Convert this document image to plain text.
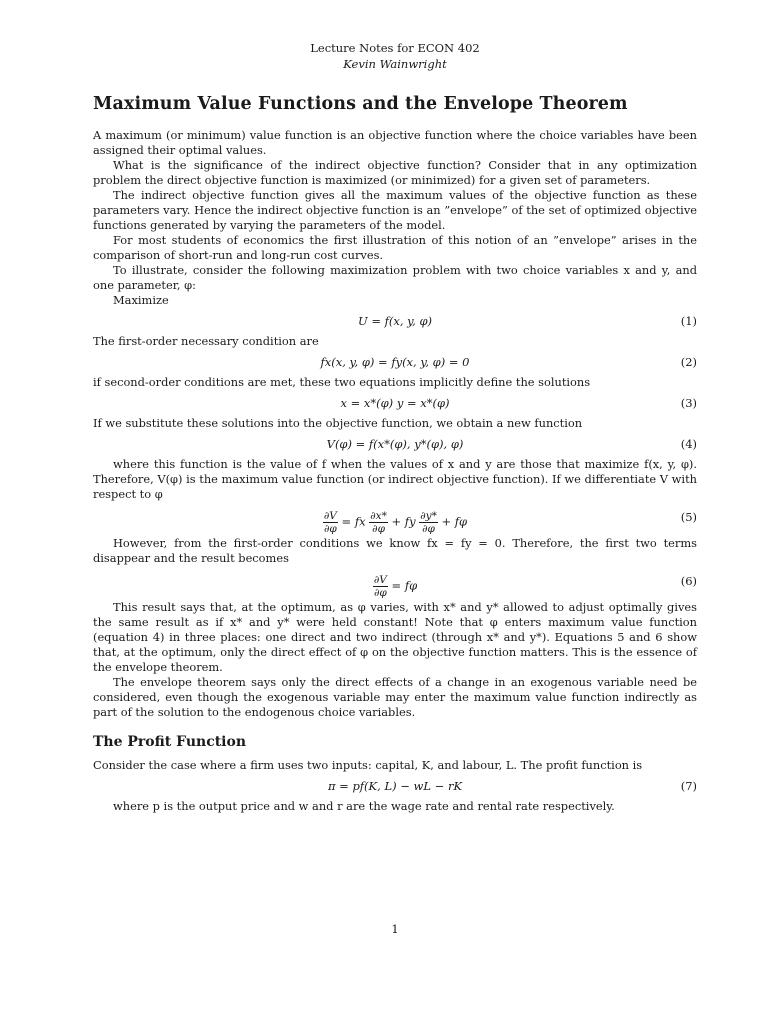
Lecture Notes for ECON 402
Kevin Wainwright
Maximum Value Functions and the Envelope Theorem

A maximum (or minimum) value function is an objective function where the choice variables have been assigned their optimal values.

What is the significance of the indirect objective function? Consider that in any optimization problem the direct objective function is maximized (or minimized) for a given set of parameters.

The indirect objective function gives all the maximum values of the objective function as these parameters vary. Hence the indirect objective function is an ”envelope” of the set of optimized objective functions generated by varying the parameters of the model.

For most students of economics the first illustration of this notion of an ”envelope” arises in the comparison of short-run and long-run cost curves.

To illustrate, consider the following maximization problem with two choice variables x and y, and one parameter, φ:

Maximize

U = f(x, y, φ)	(1)

The first-order necessary condition are

fx(x, y, φ) = fy(x, y, φ) = 0	(2)

if second-order conditions are met, these two equations implicitly define the solutions

x = x*(φ) y = x*(φ)	(3)

If we substitute these solutions into the objective function, we obtain a new function

V(φ) = f(x*(φ), y*(φ), φ)	(4)

where this function is the value of f when the values of x and y are those that maximize f(x, y, φ). Therefore, V(φ) is the maximum value function (or indirect objective function). If we differentiate V with respect to φ

$\frac{\partial V}{\partial\varphi}$ = fx $\frac{\partial x*}{\partial\varphi}$ + fy $\frac{\partial y*}{\partial\varphi} + f\varphi$	(5)

However, from the first-order conditions we know fx = fy = 0. Therefore, the first two terms disappear and the result becomes

$\frac{\partial V}{\partial\varphi} = f\varphi$	(6)

This result says that, at the optimum, as φ varies, with x* and y* allowed to adjust optimally gives the same result as if x* and y* were held constant! Note that φ enters maximum value function (equation 4) in three places: one direct and two indirect (through x* and y*). Equations 5 and 6 show that, at the optimum, only the direct effect of φ on the objective function matters. This is the essence of the envelope theorem.

The envelope theorem says only the direct effects of a change in an exogenous variable need be considered, even though the exogenous variable may enter the maximum value function indirectly as part of the solution to the endogenous choice variables.

The Profit Function

Consider the case where a firm uses two inputs: capital, K, and labour, L. The profit function is

π = pf(K, L) − wL − rK	(7)

where p is the output price and w and r are the wage rate and rental rate respectively.

1
